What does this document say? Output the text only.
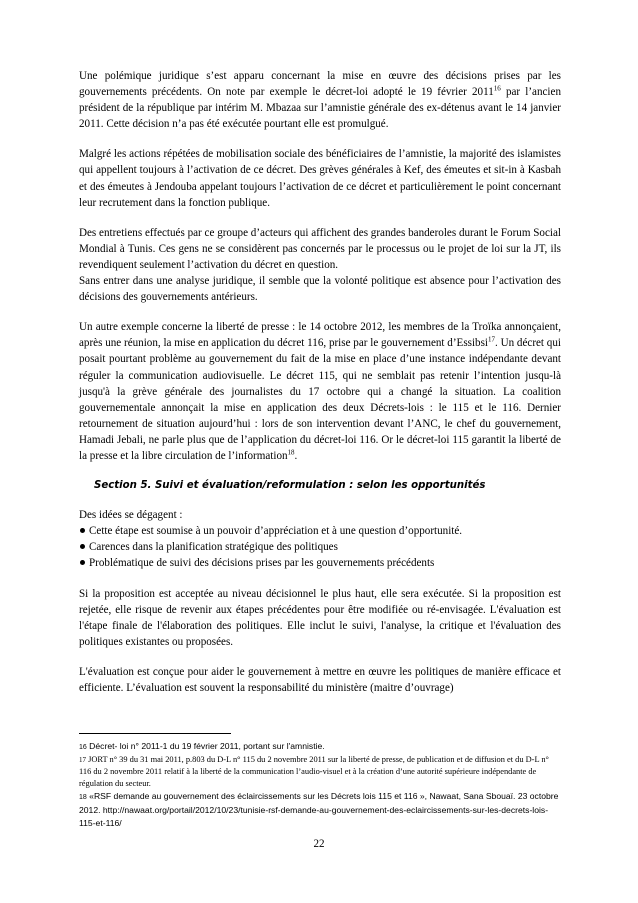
Une polémique juridique s’est apparu concernant la mise en œuvre des décisions prises par les gouvernements précédents. On note par exemple le décret-loi adopté le 19 février 2011$^{16}$ par l’ancien président de la république par intérim M. Mbazaa sur l’amnistie générale des ex-détenus avant le 14 janvier 2011. Cette décision n’a pas été exécutée pourtant elle est promulgué.

Malgré les actions répétées de mobilisation sociale des bénéficiaires de l’amnistie, la majorité des islamistes qui appellent toujours à l’activation de ce décret. Des grèves générales à Kef, des émeutes et sit-in à Kasbah et des émeutes à Jendouba appelant toujours l’activation de ce décret et particulièrement le point concernant leur recrutement dans la fonction publique.

Des entretiens effectués par ce groupe d’acteurs qui affichent des grandes banderoles durant le Forum Social Mondial à Tunis. Ces gens ne se considèrent pas concernés par le processus ou le projet de loi sur la JT, ils revendiquent seulement l’activation du décret en question.

Sans entrer dans une analyse juridique, il semble que la volonté politique est absence pour l’activation des décisions des gouvernements antérieurs.

Un autre exemple concerne la liberté de presse : le 14 octobre 2012, les membres de la Troïka annonçaient, après une réunion, la mise en application du décret 116, prise par le gouvernement d’Essibsi$^{17}$. Un décret qui posait pourtant problème au gouvernement du fait de la mise en place d’une instance indépendante devant réguler la communication audiovisuelle. Le décret 115, qui ne semblait pas retenir l’intention jusqu-là jusqu'à la grève générale des journalistes du 17 octobre qui a changé la situation. La coalition gouvernementale annonçait la mise en application des deux Décrets-lois : le 115 et le 116. Dernier retournement de situation aujourd’hui : lors de son intervention devant l’ANC, le chef du gouvernement, Hamadi Jebali, ne parle plus que de l’application du décret-loi 116. Or le décret-loi 115 garantit la liberté de la presse et la libre circulation de l’information$^{18}$.

Section 5. Suivi et évaluation/reformulation : selon les opportunités

Des idées se dégagent :

Cette étape est soumise à un pouvoir d’appréciation et à une question d’opportunité.
Carences dans la planification stratégique des politiques
Problématique de suivi des décisions prises par les gouvernements précédents

Si la proposition est acceptée au niveau décisionnel le plus haut, elle sera exécutée. Si la proposition est rejetée, elle risque de revenir aux étapes précédentes pour être modifiée ou ré-envisagée. L'évaluation est l'étape finale de l'élaboration des politiques. Elle inclut le suivi, l'analyse, la critique et l'évaluation des politiques existantes ou proposées.

L'évaluation est conçue pour aider le gouvernement à mettre en œuvre les politiques de manière efficace et efficiente. L’évaluation est souvent la responsabilité du ministère (maitre d’ouvrage)

16 Décret- loi n° 2011-1 du 19 février 2011, portant sur l'amnistie.

17 JORT n° 39 du 31 mai 2011, p.803 du D-L n° 115 du 2 novembre 2011 sur la liberté de presse, de publication et de diffusion et du D-L n° 116 du 2 novembre 2011 relatif à la liberté de la communication l’audio-visuel et à la création d’une autorité supérieure indépendante de régulation du secteur.

18 «RSF demande au gouvernement des éclaircissements sur les Décrets lois 115 et 116 », Nawaat, Sana Sbouaï. 23 octobre 2012. http://nawaat.org/portail/2012/10/23/tunisie-rsf-demande-au-gouvernement-des-eclaircissements-sur-les-decrets-lois-115-et-116/

22
